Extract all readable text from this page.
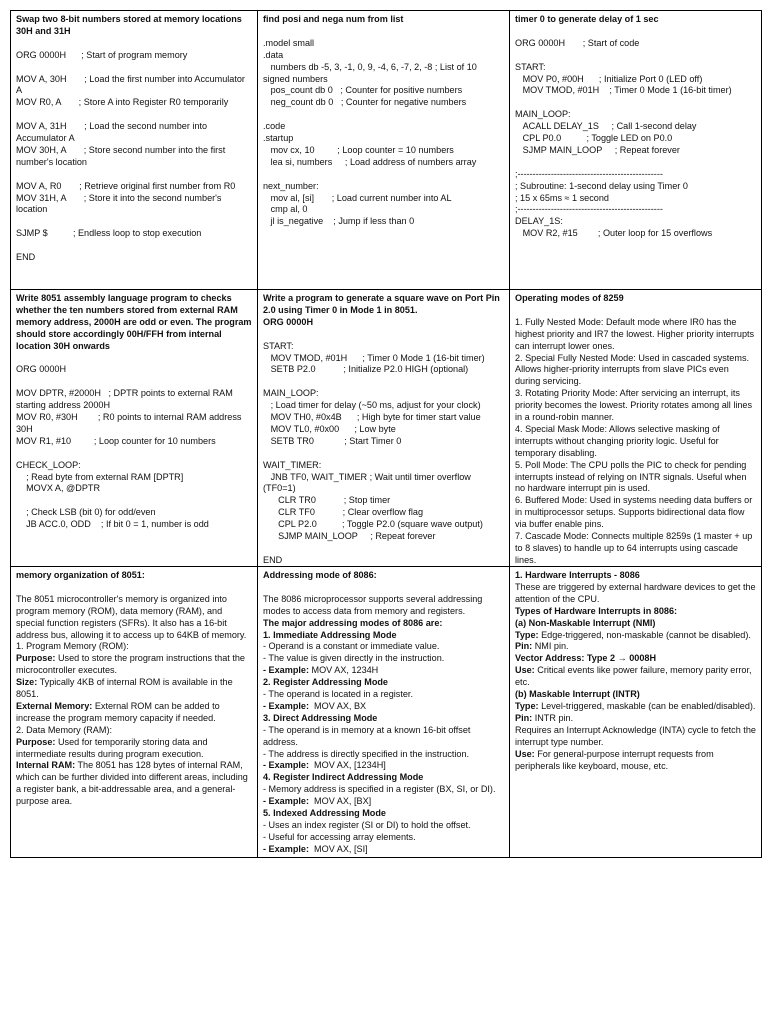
Swap two 8-bit numbers stored at memory locations 30H and 31H
ORG 0000H      ; Start of program memory
MOV A, 30H       ; Load the first number into Accumulator A
MOV R0, A       ; Store A into Register R0 temporarily
MOV A, 31H       ; Load the second number into Accumulator A
MOV 30H, A       ; Store second number into the first number's location
MOV A, R0       ; Retrieve original first number from R0
MOV 31H, A       ; Store it into the second number's location
SJMP $          ; Endless loop to stop execution
END
find posi and nega num from list
.model small
.data
numbers db -5, 3, -1, 0, 9, -4, 6, -7, 2, -8 ; List of 10 signed numbers
pos_count db 0   ; Counter for positive numbers
neg_count db 0   ; Counter for negative numbers
.code
.startup
mov cx, 10         ; Loop counter = 10 numbers
lea si, numbers     ; Load address of numbers array
next_number:
mov al, [si]       ; Load current number into AL
cmp al, 0
jl is_negative    ; Jump if less than 0
timer 0 to generate delay of 1 sec
ORG 0000H       ; Start of code
START:
MOV P0, #00H      ; Initialize Port 0 (LED off)
MOV TMOD, #01H    ; Timer 0 Mode 1 (16-bit timer)
MAIN_LOOP:
ACALL DELAY_1S     ; Call 1-second delay
CPL P0.0          ; Toggle LED on P0.0
SJMP MAIN_LOOP     ; Repeat forever
;------------------------------------------------
; Subroutine: 1-second delay using Timer 0
; 15 x 65ms ≈ 1 second
;------------------------------------------------
DELAY_1S:
MOV R2, #15        ; Outer loop for 15 overflows
Write 8051 assembly language program to checks whether the ten numbers stored from external RAM memory address, 2000H are odd or even. The program should store accordingly 00H/FFH from internal location 30H onwards
ORG 0000H
MOV DPTR, #2000H   ; DPTR points to external RAM starting address 2000H
MOV R0, #30H        ; R0 points to internal RAM address 30H
MOV R1, #10         ; Loop counter for 10 numbers
CHECK_LOOP:
; Read byte from external RAM [DPTR]
MOVX A, @DPTR
; Check LSB (bit 0) for odd/even
JB ACC.0, ODD    ; If bit 0 = 1, number is odd
Write a program to generate a square wave on Port Pin 2.0 using Timer 0 in Mode 1 in 8051.
ORG 0000H
START:
MOV TMOD, #01H      ; Timer 0 Mode 1 (16-bit timer)
SETB P2.0           ; Initialize P2.0 HIGH (optional)
MAIN_LOOP:
; Load timer for delay (~50 ms, adjust for your clock)
MOV TH0, #0x4B      ; High byte for timer start value
MOV TL0, #0x00      ; Low byte
SETB TR0            ; Start Timer 0
WAIT_TIMER:
JNB TF0, WAIT_TIMER ; Wait until timer overflow (TF0=1)
CLR TR0           ; Stop timer
CLR TF0           ; Clear overflow flag
CPL P2.0          ; Toggle P2.0 (square wave output)
SJMP MAIN_LOOP     ; Repeat forever
END
Operating modes of 8259
1. Fully Nested Mode: Default mode where IR0 has the highest priority and IR7 the lowest. Higher priority interrupts can interrupt lower ones.
2. Special Fully Nested Mode: Used in cascaded systems. Allows higher-priority interrupts from slave PICs even during servicing.
3. Rotating Priority Mode: After servicing an interrupt, its priority becomes the lowest. Priority rotates among all lines in a round-robin manner.
4. Special Mask Mode: Allows selective masking of interrupts without changing priority logic. Useful for temporary disabling.
5. Poll Mode: The CPU polls the PIC to check for pending interrupts instead of relying on INTR signals. Useful when no hardware interrupt pin is used.
6. Buffered Mode: Used in systems needing data buffers or in multiprocessor setups. Supports bidirectional data flow via buffer enable pins.
7. Cascade Mode: Connects multiple 8259s (1 master + up to 8 slaves) to handle up to 64 interrupts using cascade lines.
memory organization of 8051:
The 8051 microcontroller's memory is organized into program memory (ROM), data memory (RAM), and special function registers (SFRs). It also has a 16-bit address bus, allowing it to access up to 64KB of memory.
1. Program Memory (ROM):
Purpose: Used to store the program instructions that the microcontroller executes.
Size: Typically 4KB of internal ROM is available in the 8051.
External Memory: External ROM can be added to increase the program memory capacity if needed.
2. Data Memory (RAM):
Purpose: Used for temporarily storing data and intermediate results during program execution.
Internal RAM: The 8051 has 128 bytes of internal RAM, which can be further divided into different areas, including a register bank, a bit-addressable area, and a general-purpose area.
Addressing mode of 8086:
The 8086 microprocessor supports several addressing modes to access data from memory and registers.
The major addressing modes of 8086 are:
1. Immediate Addressing Mode
- Operand is a constant or immediate value.
- The value is given directly in the instruction.
- Example: MOV AX, 1234H
2. Register Addressing Mode
- The operand is located in a register.
- Example:  MOV AX, BX
3. Direct Addressing Mode
- The operand is in memory at a known 16-bit offset address.
- The address is directly specified in the instruction.
- Example:  MOV AX, [1234H]
4. Register Indirect Addressing Mode
- Memory address is specified in a register (BX, SI, or DI).
- Example:  MOV AX, [BX]
5. Indexed Addressing Mode
- Uses an index register (SI or DI) to hold the offset.
- Useful for accessing array elements.
- Example:  MOV AX, [SI]
1. Hardware Interrupts - 8086
These are triggered by external hardware devices to get the attention of the CPU.
Types of Hardware Interrupts in 8086:
(a) Non-Maskable Interrupt (NMI)
Type: Edge-triggered, non-maskable (cannot be disabled).
Pin: NMI pin.
Vector Address: Type 2 → 0008H
Use: Critical events like power failure, memory parity error, etc.
(b) Maskable Interrupt (INTR)
Type: Level-triggered, maskable (can be enabled/disabled).
Pin: INTR pin.
Requires an Interrupt Acknowledge (INTA) cycle to fetch the interrupt type number.
Use: For general-purpose interrupt requests from peripherals like keyboard, mouse, etc.
